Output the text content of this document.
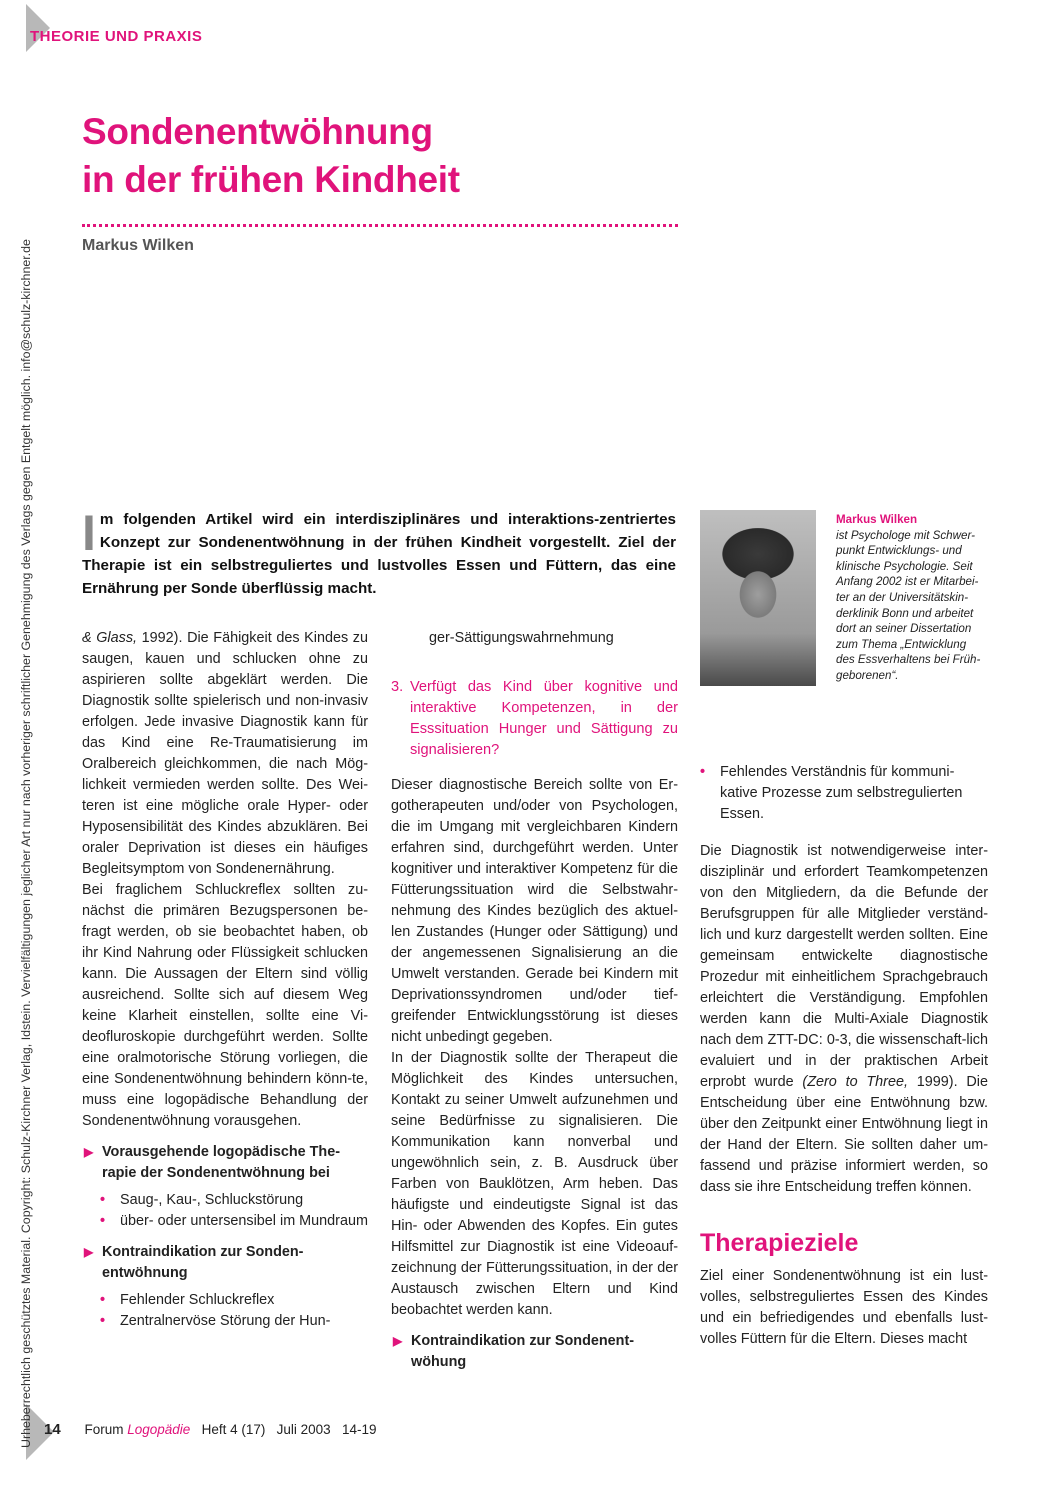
THEORIE UND PRAXIS
Urheberrechtlich geschütztes Material. Copyright: Schulz-Kirchner Verlag, Idstein. Vervielfältigungen jeglicher Art nur nach vorheriger schriftlicher Genehmigung des Verlags gegen Entgelt möglich. info@schulz-kirchner.de
Sondenentwöhnung
in der frühen Kindheit
Markus Wilken

Im folgenden Artikel wird ein interdisziplinäres und interaktions-zentriertes Konzept zur Sondenentwöhnung in der frühen Kindheit vorgestellt. Ziel der Therapie ist ein selbstreguliertes und lustvolles Essen und Füttern, das eine Ernährung per Sonde überflüssig macht.

Markus Wilken
ist Psychologe mit Schwer-punkt Entwicklungs- und klinische Psychologie. Seit Anfang 2002 ist er Mitarbei-ter an der Universitätskin-derklinik Bonn und arbeitet dort an seiner Dissertation zum Thema „Entwicklung des Essverhaltens bei Früh-geborenen“.

& Glass, 1992). Die Fähigkeit des Kindes zu saugen, kauen und schlucken ohne zu aspirieren sollte abgeklärt werden. Die Diagnostik sollte spielerisch und non-invasiv erfolgen. Jede invasive Diagnostik kann für das Kind eine Re-Traumatisierung im Oralbereich gleichkommen, die nach Mög-lichkeit vermieden werden sollte. Des Wei-teren ist eine mögliche orale Hyper- oder Hyposensibilität des Kindes abzuklären. Bei oraler Deprivation ist dieses ein häufiges Begleitsymptom von Sondenernährung.

Bei fraglichem Schluckreflex sollten zu-nächst die primären Bezugspersonen be-fragt werden, ob sie beobachtet haben, ob ihr Kind Nahrung oder Flüssigkeit schlucken kann. Die Aussagen der Eltern sind völlig ausreichend. Sollte sich auf diesem Weg keine Klarheit einstellen, sollte eine Vi-deofluroskopie durchgeführt werden. Sollte eine oralmotorische Störung vorliegen, die eine Sondenentwöhnung behindern könn-te, muss eine logopädische Behandlung der Sondenentwöhnung vorausgehen.

▶ Vorausgehende logopädische The-rapie der Sondenentwöhnung bei
• Saug-, Kau-, Schluckstörung
• über- oder untersensibel im Mundraum
▶ Kontraindikation zur Sonden-entwöhnung
• Fehlender Schluckreflex
• Zentralnervöse Störung der Hun-

ger-Sättigungswahrnehmung

3. Verfügt das Kind über kognitive und interaktive Kompetenzen, in der Esssituation Hunger und Sättigung zu signalisieren?

Dieser diagnostische Bereich sollte von Er-gotherapeuten und/oder von Psychologen, die im Umgang mit vergleichbaren Kindern erfahren sind, durchgeführt werden. Unter kognitiver und interaktiver Kompetenz für die Fütterungssituation wird die Selbstwahr-nehmung des Kindes bezüglich des aktuel-len Zustandes (Hunger oder Sättigung) und der angemessenen Signalisierung an die Umwelt verstanden. Gerade bei Kindern mit Deprivationssyndromen und/oder tief-greifender Entwicklungsstörung ist dieses nicht unbedingt gegeben.

In der Diagnostik sollte der Therapeut die Möglichkeit des Kindes untersuchen, Kontakt zu seiner Umwelt aufzunehmen und seine Bedürfnisse zu signalisieren. Die Kommunikation kann nonverbal und ungewöhnlich sein, z. B. Ausdruck über Farben von Bauklötzen, Arm heben. Das häufigste und eindeutigste Signal ist das Hin- oder Abwenden des Kopfes. Ein gutes Hilfsmittel zur Diagnostik ist eine Videoauf-zeichnung der Fütterungssituation, in der der Austausch zwischen Eltern und Kind beobachtet werden kann.

▶ Kontraindikation zur Sondenent-wöhung
• Fehlendes Verständnis für kommuni-kative Prozesse zum selbstregulierten Essen.

Die Diagnostik ist notwendigerweise inter-disziplinär und erfordert Teamkompetenzen von den Mitgliedern, da die Befunde der Berufsgruppen für alle Mitglieder verständ-lich und kurz dargestellt werden sollten. Eine gemeinsam entwickelte diagnostische Prozedur mit einheitlichem Sprachgebrauch erleichtert die Verständigung. Empfohlen werden kann die Multi-Axiale Diagnostik nach dem ZTT-DC: 0-3, die wissenschaft-lich evaluiert und in der praktischen Arbeit erprobt wurde (Zero to Three, 1999). Die Entscheidung über eine Entwöhnung bzw. über den Zeitpunkt einer Entwöhnung liegt in der Hand der Eltern. Sie sollten daher um-fassend und präzise informiert werden, so dass sie ihre Entscheidung treffen können.

Therapieziele

Ziel einer Sondenentwöhnung ist ein lust-volles, selbstreguliertes Essen des Kindes und ein befriedigendes und ebenfalls lust-volles Füttern für die Eltern. Dieses macht

14 Forum Logopädie Heft 4 (17) Juli 2003 14-19
